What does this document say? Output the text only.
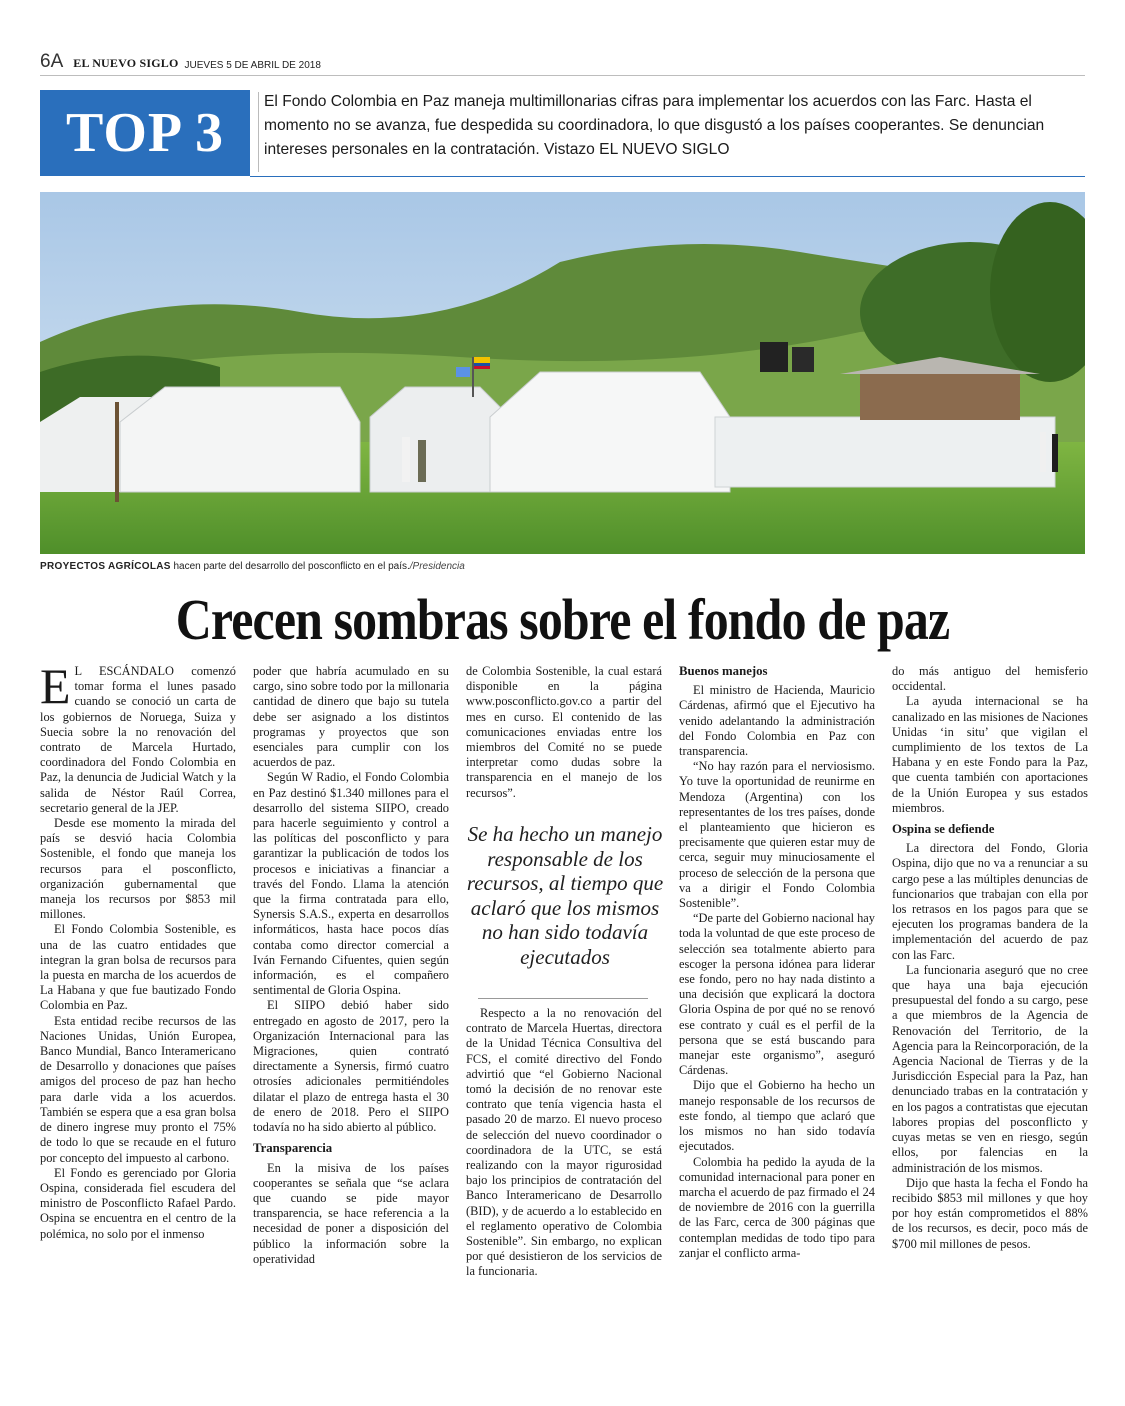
6A EL NUEVO SIGLO JUEVES 5 DE ABRIL DE 2018
TOP 3
El Fondo Colombia en Paz maneja multimillonarias cifras para implementar los acuerdos con las Farc. Hasta el momento no se avanza, fue despedida su coordinadora, lo que disgustó a los países cooperantes. Se denuncian intereses personales en la contratación. Vistazo EL NUEVO SIGLO
PROYECTOS AGRÍCOLAS hacen parte del desarrollo del posconflicto en el país./Presidencia
Crecen sombras sobre el fondo de paz
E L ESCÁNDALO comenzó tomar forma el lunes pasado cuando se conoció un carta de los gobiernos de Noruega, Suiza y Suecia sobre la no renovación del contrato de Marcela Hurtado, coordinadora del Fondo Colombia en Paz, la denuncia de Judicial Watch y la salida de Néstor Raúl Correa, secretario general de la JEP.

Desde ese momento la mirada del país se desvió hacia Colombia Sostenible, el fondo que maneja los recursos para el posconflicto, organización gubernamental que maneja los recursos por $853 mil millones.

El Fondo Colombia Sostenible, es una de las cuatro entidades que integran la gran bolsa de recursos para la puesta en marcha de los acuerdos de La Habana y que fue bautizado Fondo Colombia en Paz.

Esta entidad recibe recursos de las Naciones Unidas, Unión Europea, Banco Mundial, Banco Interamericano de Desarrollo y donaciones que países amigos del proceso de paz han hecho para darle vida a los acuerdos. También se espera que a esa gran bolsa de dinero ingrese muy pronto el 75% de todo lo que se recaude en el futuro por concepto del impuesto al carbono.

El Fondo es gerenciado por Gloria Ospina, considerada fiel escudera del ministro de Posconflicto Rafael Pardo. Ospina se encuentra en el centro de la polémica, no solo por el inmenso

poder que habría acumulado en su cargo, sino sobre todo por la millonaria cantidad de dinero que bajo su tutela debe ser asignado a los distintos programas y proyectos que son esenciales para cumplir con los acuerdos de paz.

Según W Radio, el Fondo Colombia en Paz destinó $1.340 millones para el desarrollo del sistema SIIPO, creado para hacerle seguimiento y control a las políticas del posconflicto y para garantizar la publicación de todos los procesos e iniciativas a financiar a través del Fondo. Llama la atención que la firma contratada para ello, Synersis S.A.S., experta en desarrollos informáticos, hasta hace pocos días contaba como director comercial a Iván Fernando Cifuentes, quien según información, es el compañero sentimental de Gloria Ospina.

El SIIPO debió haber sido entregado en agosto de 2017, pero la Organización Internacional para las Migraciones, quien contrató directamente a Synersis, firmó cuatro otrosíes adicionales permitiéndoles dilatar el plazo de entrega hasta el 30 de enero de 2018. Pero el SIIPO todavía no ha sido abierto al público.

Transparencia

En la misiva de los países cooperantes se señala que “se aclara que cuando se pide mayor transparencia, se hace referencia a la necesidad de poner a disposición del público la información sobre la operatividad

de Colombia Sostenible, la cual estará disponible en la página www.posconflicto.gov.co a partir del mes en curso. El contenido de las comunicaciones enviadas entre los miembros del Comité no se puede interpretar como dudas sobre la transparencia en el manejo de los recursos”.

Se ha hecho un manejo responsable de los recursos, al tiempo que aclaró que los mismos no han sido todavía ejecutados

Respecto a la no renovación del contrato de Marcela Huertas, directora de la Unidad Técnica Consultiva del FCS, el comité directivo del Fondo advirtió que “el Gobierno Nacional tomó la decisión de no renovar este contrato que tenía vigencia hasta el pasado 20 de marzo. El nuevo proceso de selección del nuevo coordinador o coordinadora de la UTC, se está realizando con la mayor rigurosidad bajo los principios de contratación del Banco Interamericano de Desarrollo (BID), y de acuerdo a lo establecido en el reglamento operativo de Colombia Sostenible”. Sin embargo, no explican por qué desistieron de los servicios de la funcionaria.

Buenos manejos

El ministro de Hacienda, Mauricio Cárdenas, afirmó que el Ejecutivo ha venido adelantando la administración del Fondo Colombia en Paz con transparencia.

“No hay razón para el nerviosismo. Yo tuve la oportunidad de reunirme en Mendoza (Argentina) con los representantes de los tres países, donde el planteamiento que hicieron es precisamente que quieren estar muy de cerca, seguir muy minuciosamente el proceso de selección de la persona que va a dirigir el Fondo Colombia Sostenible”.

“De parte del Gobierno nacional hay toda la voluntad de que este proceso de selección sea totalmente abierto para escoger la persona idónea para liderar ese fondo, pero no hay nada distinto a una decisión que explicará la doctora Gloria Ospina de por qué no se renovó ese contrato y cuál es el perfil de la persona que se está buscando para manejar este organismo”, aseguró Cárdenas.

Dijo que el Gobierno ha hecho un manejo responsable de los recursos de este fondo, al tiempo que aclaró que los mismos no han sido todavía ejecutados.

Colombia ha pedido la ayuda de la comunidad internacional para poner en marcha el acuerdo de paz firmado el 24 de noviembre de 2016 con la guerrilla de las Farc, cerca de 300 páginas que contemplan medidas de todo tipo para zanjar el conflicto arma-

do más antiguo del hemisferio occidental.

La ayuda internacional se ha canalizado en las misiones de Naciones Unidas ‘in situ’ que vigilan el cumplimiento de los textos de La Habana y en este Fondo para la Paz, que cuenta también con aportaciones de la Unión Europea y sus estados miembros.

Ospina se defiende

La directora del Fondo, Gloria Ospina, dijo que no va a renunciar a su cargo pese a las múltiples denuncias de funcionarios que trabajan con ella por los retrasos en los pagos para que se ejecuten los programas bandera de la implementación del acuerdo de paz con las Farc.

La funcionaria aseguró que no cree que haya una baja ejecución presupuestal del fondo a su cargo, pese a que miembros de la Agencia de Renovación del Territorio, de la Agencia para la Reincorporación, de la Agencia Nacional de Tierras y de la Jurisdicción Especial para la Paz, han denunciado trabas en la contratación y en los pagos a contratistas que ejecutan labores propias del posconflicto y cuyas metas se ven en riesgo, según ellos, por falencias en la administración de los mismos.

Dijo que hasta la fecha el Fondo ha recibido $853 mil millones y que hoy por hoy están comprometidos el 88% de los recursos, es decir, poco más de $700 mil millones de pesos.
